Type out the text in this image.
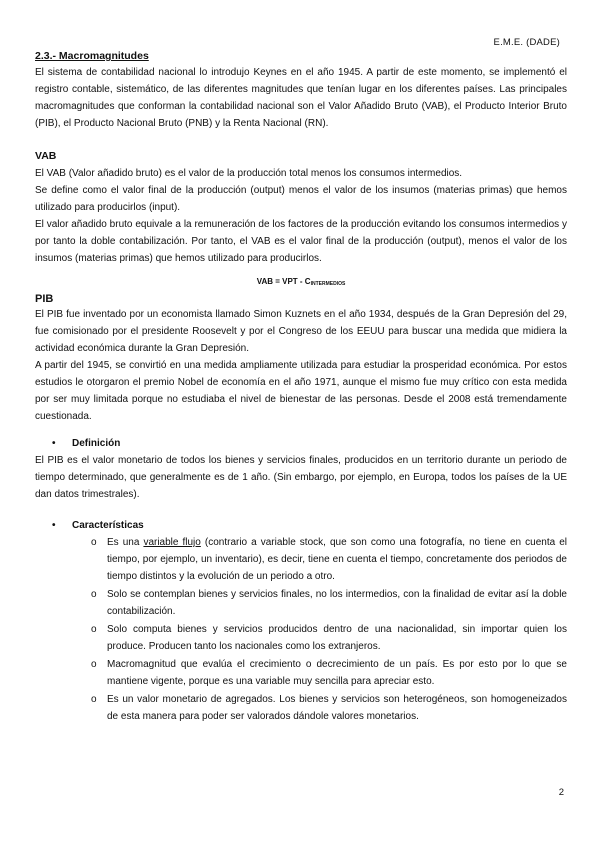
E.M.E. (DADE)

2.3.- Macromagnitudes

El sistema de contabilidad nacional lo introdujo Keynes en el año 1945. A partir de este momento, se implementó el registro contable, sistemático, de las diferentes magnitudes que tenían lugar en los diferentes países. Las principales macromagnitudes que conforman la contabilidad nacional son el Valor Añadido Bruto (VAB), el Producto Interior Bruto (PIB), el Producto Nacional Bruto (PNB) y la Renta Nacional (RN).

VAB

El VAB (Valor añadido bruto) es el valor de la producción total menos los consumos intermedios.

Se define como el valor final de la producción (output) menos el valor de los insumos (materias primas) que hemos utilizado para producirlos (input).

El valor añadido bruto equivale a la remuneración de los factores de la producción evitando los consumos intermedios y por tanto la doble contabilización. Por tanto, el VAB es el valor final de la producción (output), menos el valor de los insumos (materias primas) que hemos utilizado para producirlos.

VAB = VPT - $C_{INTERMEDIOS}$

PIB

El PIB fue inventado por un economista llamado Simon Kuznets en el año 1934, después de la Gran Depresión del 29, fue comisionado por el presidente Roosevelt y por el Congreso de los EEUU para buscar una medida que midiera la actividad económica durante la Gran Depresión.

A partir del 1945, se convirtió en una medida ampliamente utilizada para estudiar la prosperidad económica. Por estos estudios le otorgaron el premio Nobel de economía en el año 1971, aunque el mismo fue muy crítico con esta medida por ser muy limitada porque no estudiaba el nivel de bienestar de las personas. Desde el 2008 está tremendamente cuestionada.

• Definición

El PIB es el valor monetario de todos los bienes y servicios finales, producidos en un territorio durante un periodo de tiempo determinado, que generalmente es de 1 año. (Sin embargo, por ejemplo, en Europa, todos los países de la UE dan datos trimestrales).

• Características

o Es una variable flujo (contrario a variable stock, que son como una fotografía, no tiene en cuenta el tiempo, por ejemplo, un inventario), es decir, tiene en cuenta el tiempo, concretamente dos periodos de tiempo distintos y la evolución de un periodo a otro.
o Solo se contemplan bienes y servicios finales, no los intermedios, con la finalidad de evitar así la doble contabilización.
o Solo computa bienes y servicios producidos dentro de una nacionalidad, sin importar quien los produce. Producen tanto los nacionales como los extranjeros.
o Macromagnitud que evalúa el crecimiento o decrecimiento de un país. Es por esto por lo que se mantiene vigente, porque es una variable muy sencilla para apreciar esto.
o Es un valor monetario de agregados. Los bienes y servicios son heterogéneos, son homogeneizados de esta manera para poder ser valorados dándole valores monetarios.
2
